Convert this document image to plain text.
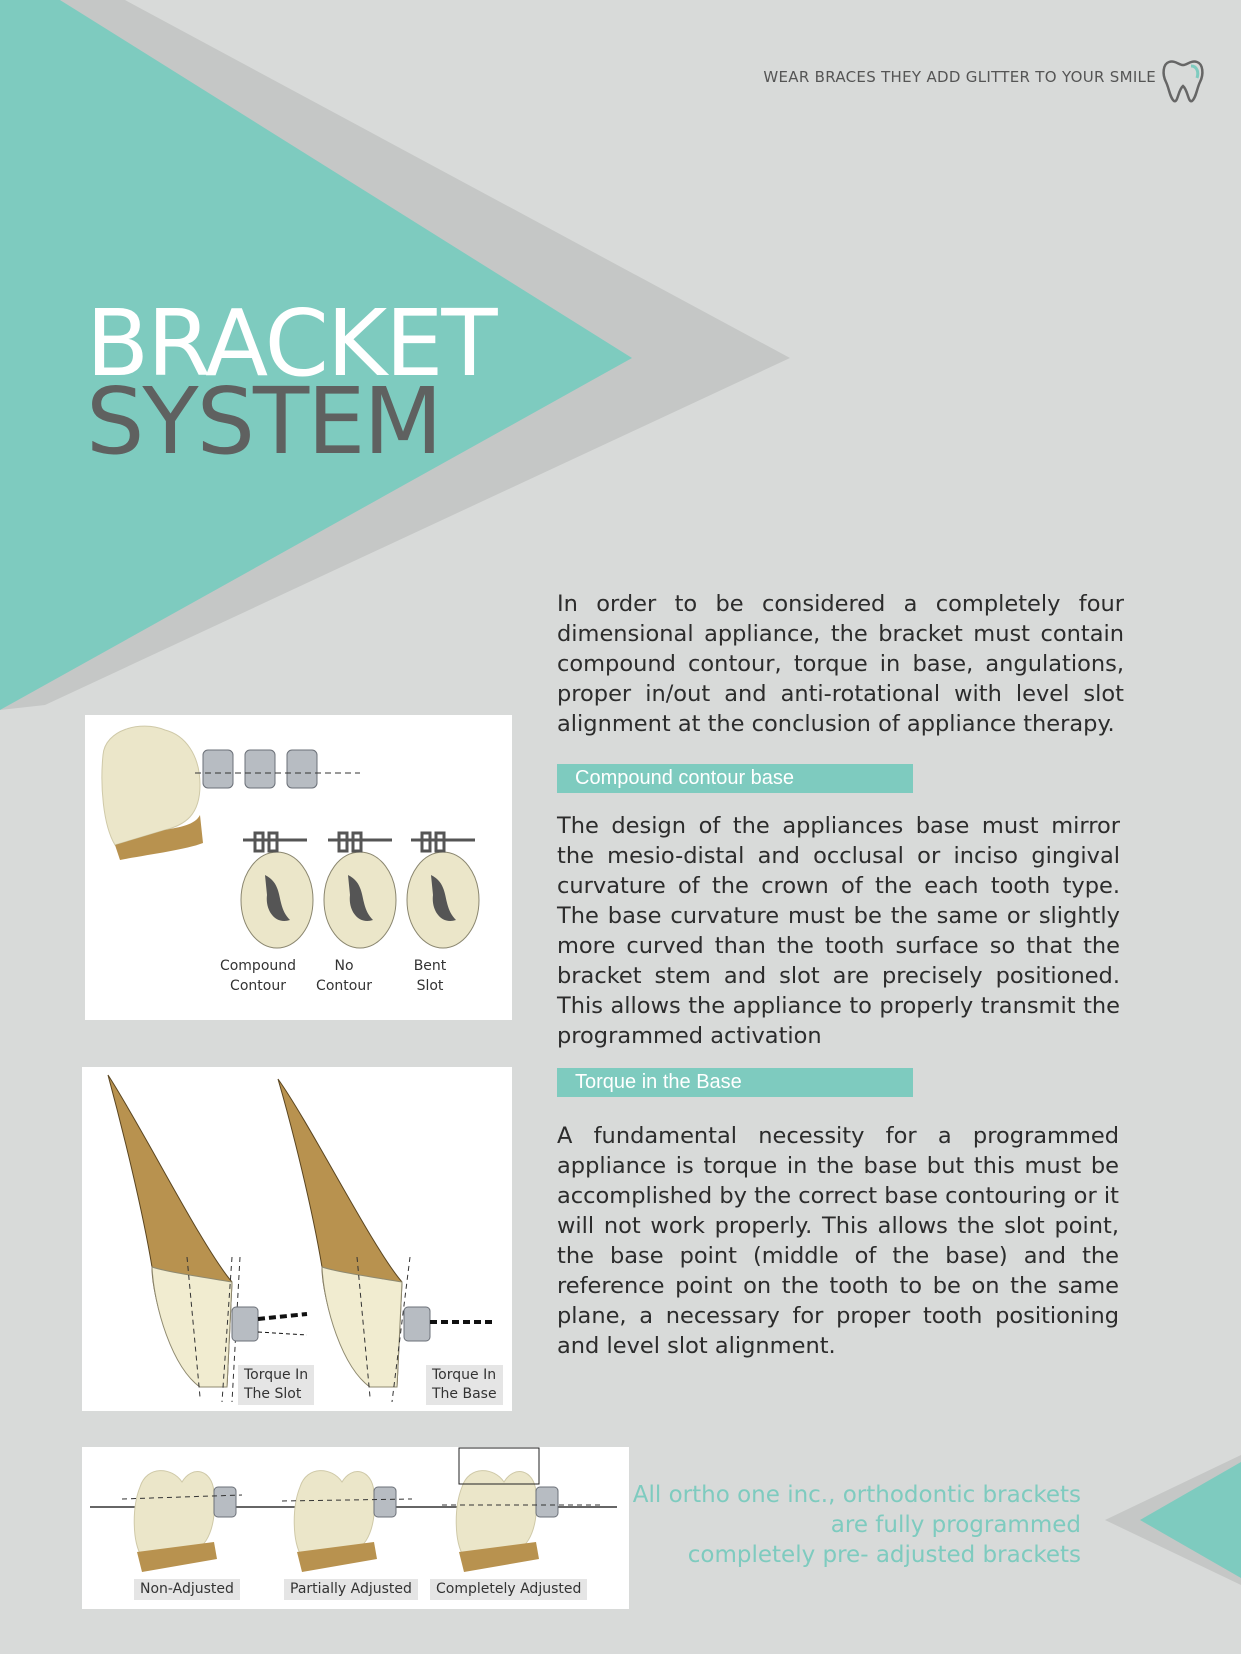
WEAR BRACES THEY ADD GLITTER TO YOUR SMILE
BRACKET
SYSTEM

In order to be considered a completely four dimensional appliance, the bracket must contain compound contour, torque in base, angulations, proper in/out and anti-rotational with level slot alignment at the conclusion of appliance therapy.

Compound contour base

The design of the appliances base must mirror the mesio-distal and occlusal or inciso gingival curvature of the crown of the each tooth type. The base curvature must be the same or slightly more curved than the tooth surface so that the bracket stem and slot are precisely positioned. This allows the appliance to properly transmit the programmed activation

Torque in the Base

A fundamental necessity for a programmed appliance is torque in the base but this must be accomplished by the correct base contouring or it will not work properly. This allows the slot point, the base point (middle of the base) and the reference point on the tooth to be on the same plane, a necessary for proper tooth positioning and level slot alignment.

Compound
Contour
No
Contour
Bent
Slot
Torque In
The Slot
Torque In
The Base
Non-Adjusted	Partially Adjusted	Completely Adjusted
All ortho one inc., orthodontic brackets
are fully programmed
completely pre- adjusted brackets
